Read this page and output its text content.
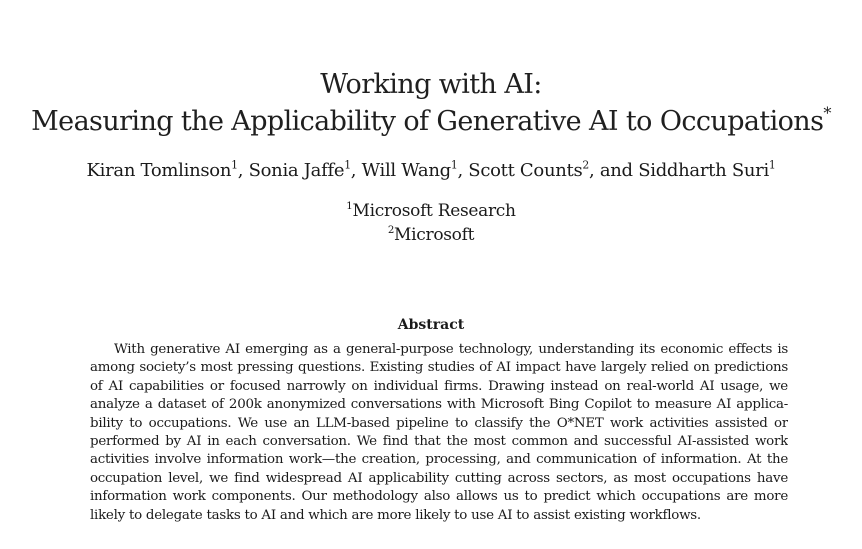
Working with AI:
Measuring the Applicability of Generative AI to Occupations*
Kiran Tomlinson$^1$, Sonia Jaffe$^1$, Will Wang$^1$, Scott Counts$^2$, and Siddharth Suri$^1$
$^1$Microsoft Research
$^2$Microsoft
Abstract
With generative AI emerging as a general-purpose technology, understanding its economic effects is
among society’s most pressing questions. Existing studies of AI impact have largely relied on predictions
of AI capabilities or focused narrowly on individual firms. Drawing instead on real-world AI usage, we
analyze a dataset of 200k anonymized conversations with Microsoft Bing Copilot to measure AI applica-
bility to occupations. We use an LLM-based pipeline to classify the O*NET work activities assisted or
performed by AI in each conversation. We find that the most common and successful AI-assisted work
activities involve information work—the creation, processing, and communication of information. At the
occupation level, we find widespread AI applicability cutting across sectors, as most occupations have
information work components. Our methodology also allows us to predict which occupations are more
likely to delegate tasks to AI and which are more likely to use AI to assist existing workflows.
